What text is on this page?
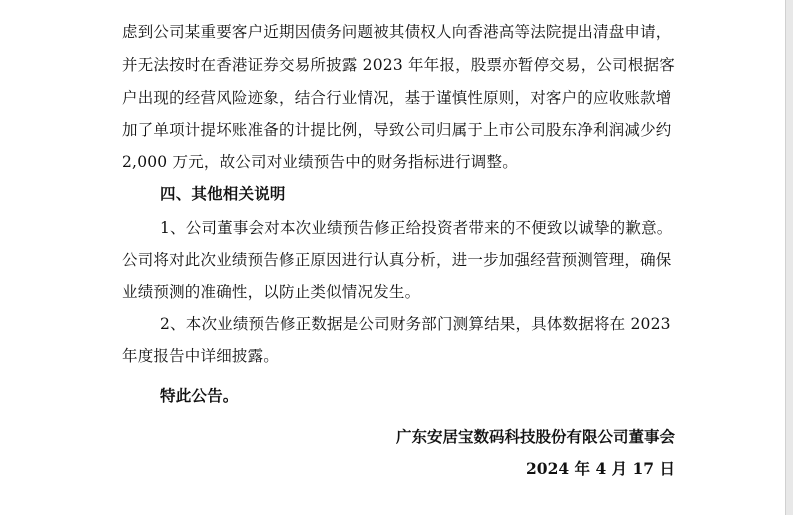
虑到公司某重要客户近期因债务问题被其债权人向香港高等法院提出清盘申请，
并无法按时在香港证券交易所披露 2023 年年报，股票亦暂停交易，公司根据客
户出现的经营风险迹象，结合行业情况，基于谨慎性原则，对客户的应收账款增
加了单项计提坏账准备的计提比例，导致公司归属于上市公司股东净利润减少约
2,000 万元，故公司对业绩预告中的财务指标进行调整。
四、其他相关说明
1、公司董事会对本次业绩预告修正给投资者带来的不便致以诚挚的歉意。
公司将对此次业绩预告修正原因进行认真分析，进一步加强经营预测管理，确保
业绩预测的准确性，以防止类似情况发生。
2、本次业绩预告修正数据是公司财务部门测算结果，具体数据将在 2023
年度报告中详细披露。
特此公告。
广东安居宝数码科技股份有限公司董事会
2024 年 4 月 17 日
